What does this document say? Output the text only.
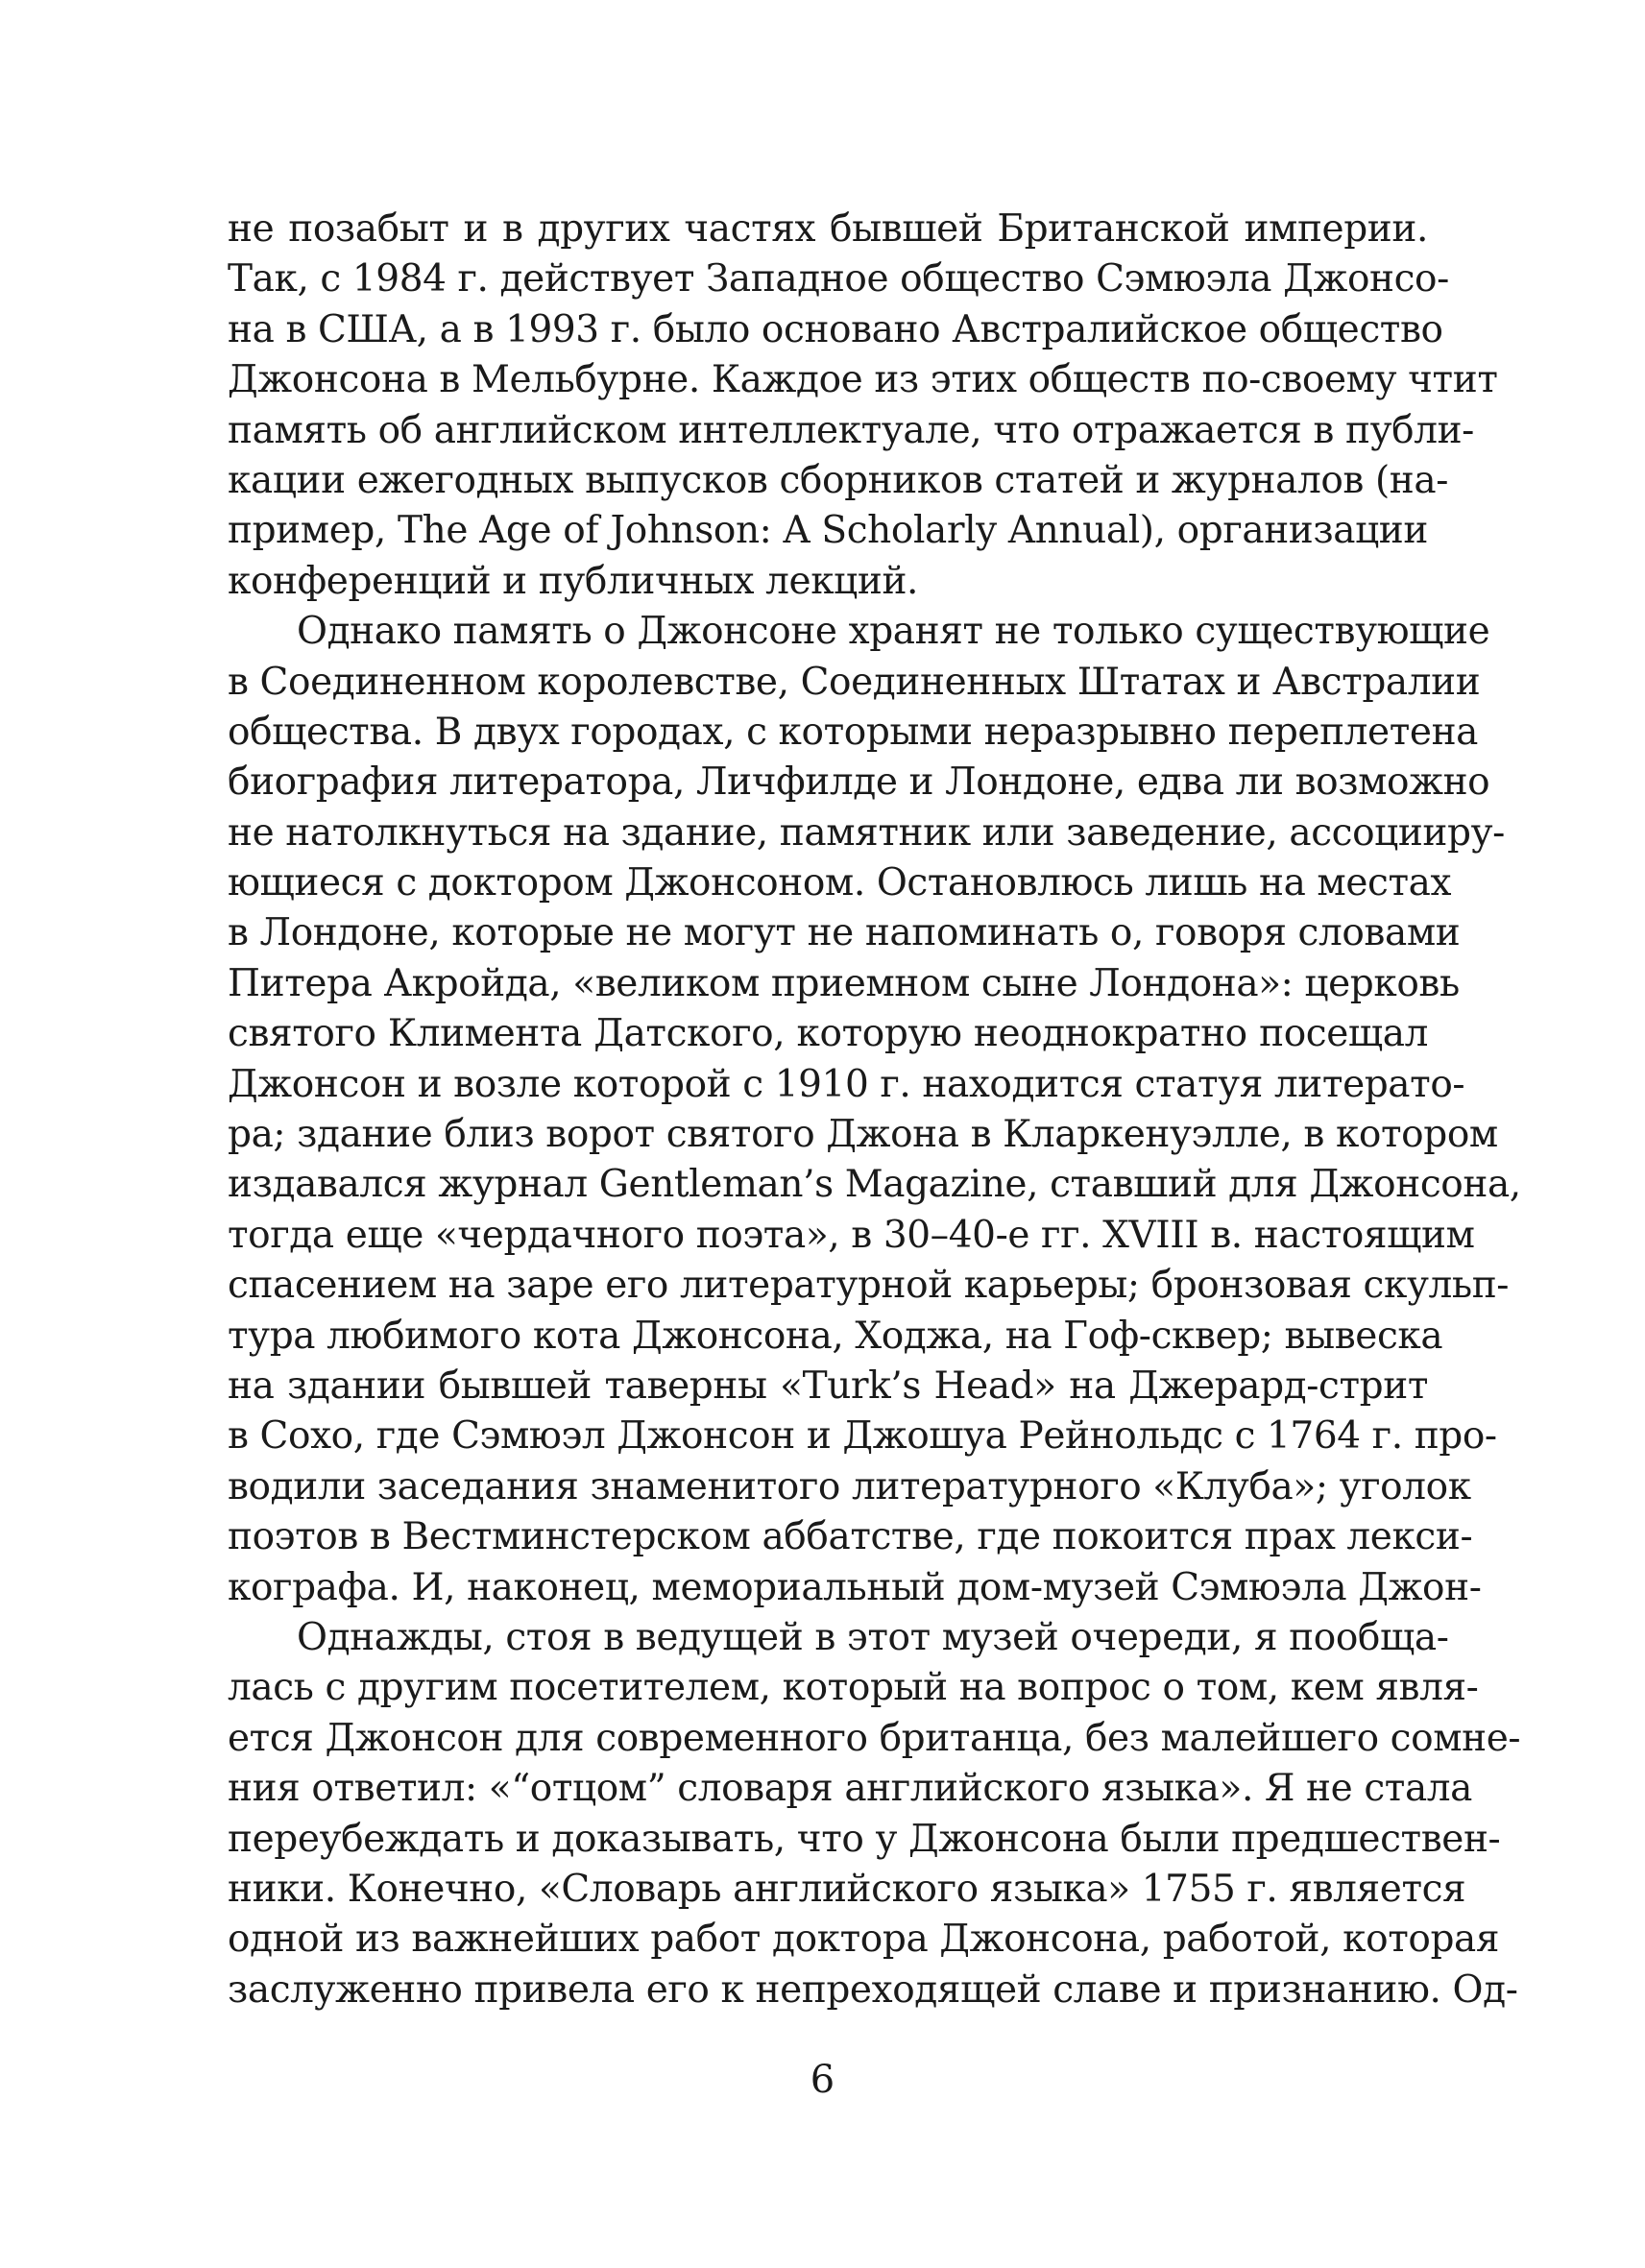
не позабыт и в других частях бывшей Британской империи.
Так, с 1984 г. действует Западное общество Сэмюэла Джонсо-
на в США, а в 1993 г. было основано Австралийское общество
Джонсона в Мельбурне. Каждое из этих обществ по-своему чтит
память об английском интеллектуале, что отражается в публи-
кации ежегодных выпусков сборников статей и журналов (на-
пример, The Age of Johnson: A Scholarly Annual), организации
конференций и публичных лекций.
Однако память о Джонсоне хранят не только существующие
в Соединенном королевстве, Соединенных Штатах и Австралии
общества. В двух городах, с которыми неразрывно переплетена
биография литератора, Личфилде и Лондоне, едва ли возможно
не натолкнуться на здание, памятник или заведение, ассоцииру-
ющиеся с доктором Джонсоном. Остановлюсь лишь на местах
в Лондоне, которые не могут не напоминать о, говоря словами
Питера Акройда, «великом приемном сыне Лондона»: церковь
святого Климента Датского, которую неоднократно посещал
Джонсон и возле которой с 1910 г. находится статуя литерато-
ра; здание близ ворот святого Джона в Кларкенуэлле, в котором
издавался журнал Gentleman’s Magazine, ставший для Джонсона,
тогда еще «чердачного поэта», в 30–40-е гг. XVIII в. настоящим
спасением на заре его литературной карьеры; бронзовая скульп-
тура любимого кота Джонсона, Ходжа, на Гоф-сквер; вывеска
на здании бывшей таверны «Turk’s Head» на Джерард-стрит
в Сохо, где Сэмюэл Джонсон и Джошуа Рейнольдс с 1764 г. про-
водили заседания знаменитого литературного «Клуба»; уголок
поэтов в Вестминстерском аббатстве, где покоится прах лекси-
кографа. И, наконец, мемориальный дом-музей Сэмюэла Джон-
Однажды, стоя в ведущей в этот музей очереди, я пообща-
лась с другим посетителем, который на вопрос о том, кем явля-
ется Джонсон для современного британца, без малейшего сомне-
ния ответил: «“отцом” словаря английского языка». Я не стала
переубеждать и доказывать, что у Джонсона были предшествен-
ники. Конечно, «Словарь английского языка» 1755 г. является
одной из важнейших работ доктора Джонсона, работой, которая
заслуженно привела его к непреходящей славе и признанию. Од-
6
